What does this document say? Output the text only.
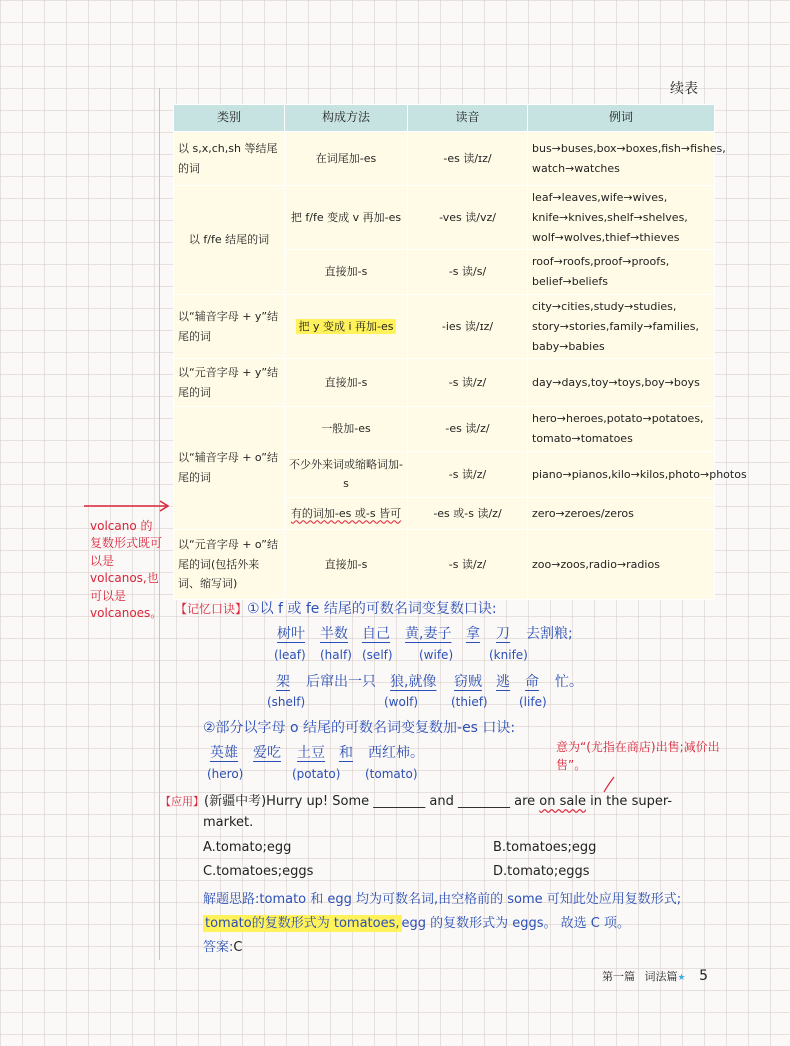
续表
类别	构成方法	读音	例词
以 s,x,ch,sh 等结尾的词	在词尾加-es	-es 读/ɪz/	bus→buses,box→boxes,fish→fishes,
watch→watches

以 f/fe 结尾的词	把 f/fe 变成 v 再加-es	-ves 读/vz/	leaf→leaves,wife→wives,
knife→knives,shelf→shelves,
wolf→wolves,thief→thieves

	直接加-s	-s 读/s/	roof→roofs,proof→proofs,
belief→beliefs

以“辅音字母 + y”结尾的词	把 y 变成 i 再加-es	-ies 读/ɪz/	city→cities,study→studies,
story→stories,family→families,
baby→babies

以“元音字母 + y”结尾的词	直接加-s	-s 读/z/	day→days,toy→toys,boy→boys
以“辅音字母 + o”结尾的词	一般加-es	-es 读/z/	hero→heroes,potato→potatoes,
tomato→tomatoes

	不少外来词或缩略词加-s	-s 读/z/	piano→pianos,kilo→kilos,photo→photos
	有的词加-es 或-s 皆可	-es 或-s 读/z/	zero→zeroes/zeros
以“元音字母 + o”结尾的词(包括外来词、缩写词)	直接加-s	-s 读/z/	zoo→zoos,radio→radios
volcano 的复数形式既可以是 volcanos,也可以是 volcanoes。 【记忆口诀】①以 f 或 fe 结尾的可数名词变复数口诀:
树叶 半数 自己 黄,妻子 拿 刀 去割粮;
(leaf) (half) (self) (wife)	(knife)
架 后窜出一只 狼,就像 窃贼 逃 命 忙。
(shelf)	(wolf)	(thief)	(life)
②部分以字母 o 结尾的可数名词变复数加-es 口诀:
英雄 爱吃 土豆 和 西红柿。
(hero)	(potato) (tomato)
意为“(尤指在商店)出售;减价出售”。
【应用】(新疆中考)Hurry up! Some ________ and ________ are on sale in the super-
market.
A.tomato;egg	B.tomatoes;egg
C.tomatoes;eggs	D.tomato;eggs
解题思路:tomato 和 egg 均为可数名词,由空格前的 some 可知此处应用复数形式;
tomato的复数形式为 tomatoes, egg 的复数形式为 eggs。 故选 C 项。
答案:C
第一篇 词法篇★ 5
